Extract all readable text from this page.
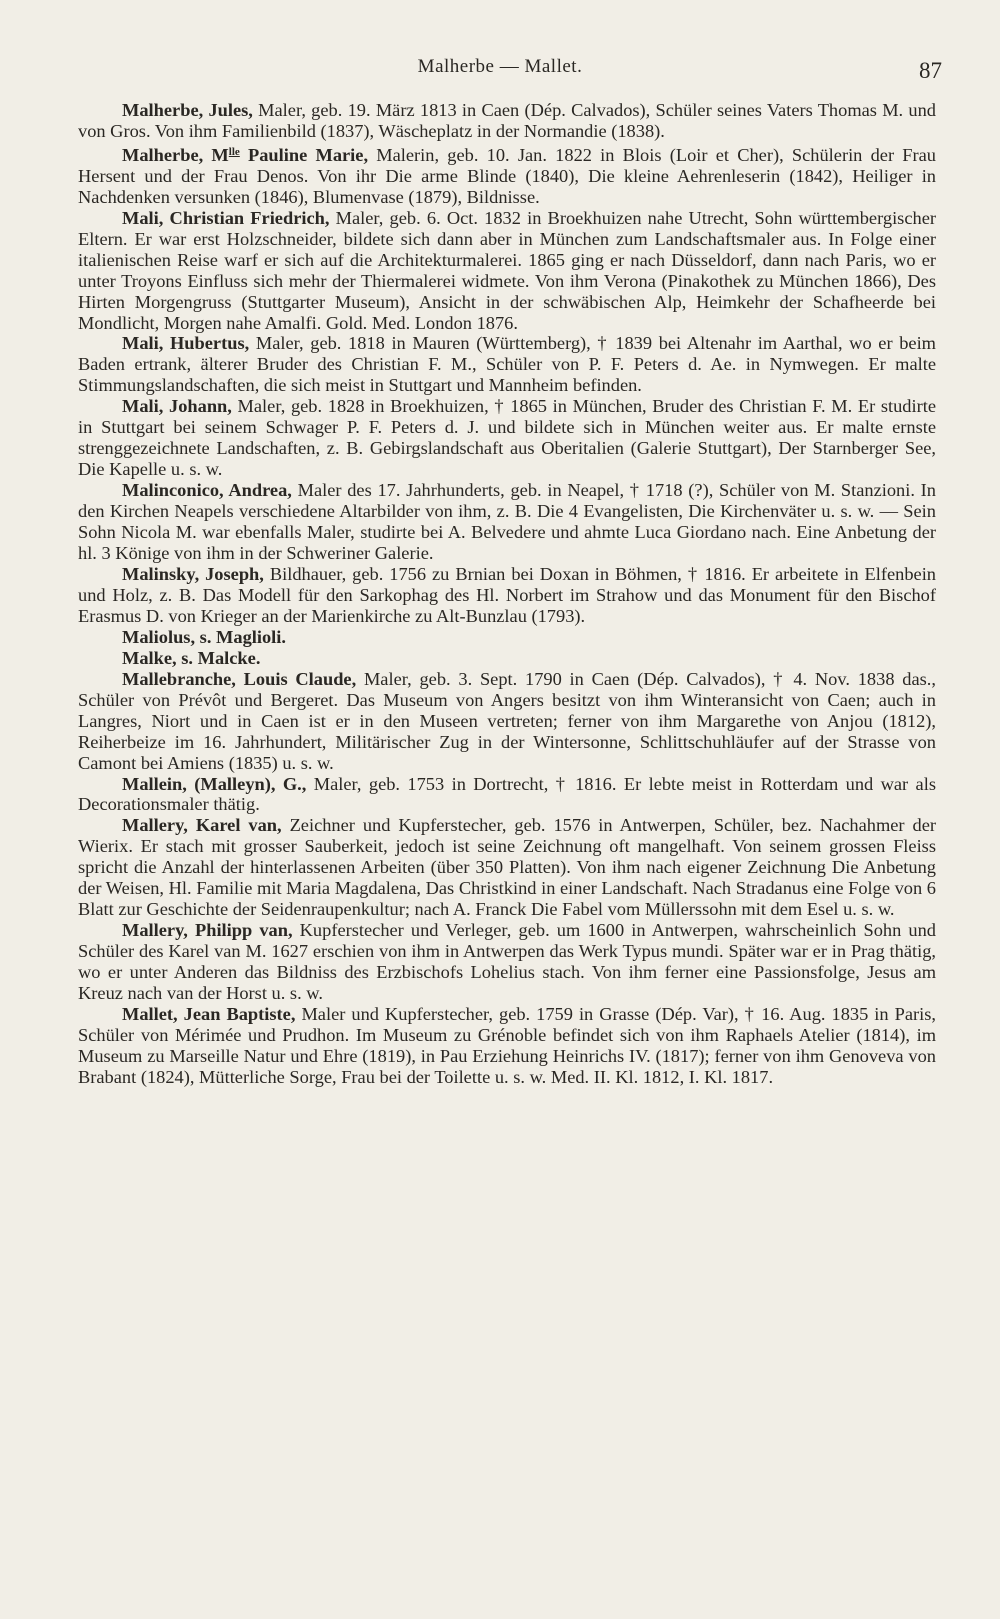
Malherbe — Mallet.	87

Malherbe, Jules, Maler, geb. 19. März 1813 in Caen (Dép. Calvados), Schüler seines Vaters Thomas M. und von Gros. Von ihm Familienbild (1837), Wäscheplatz in der Normandie (1838).

Malherbe, $M^{lle}$ Pauline Marie, Malerin, geb. 10. Jan. 1822 in Blois (Loir et Cher), Schülerin der Frau Hersent und der Frau Denos. Von ihr Die arme Blinde (1840), Die kleine Aehrenleserin (1842), Heiliger in Nachdenken versunken (1846), Blumenvase (1879), Bildnisse.

Mali, Christian Friedrich, Maler, geb. 6. Oct. 1832 in Broekhuizen nahe Utrecht, Sohn württembergischer Eltern. Er war erst Holzschneider, bildete sich dann aber in München zum Landschaftsmaler aus. In Folge einer italienischen Reise warf er sich auf die Architekturmalerei. 1865 ging er nach Düsseldorf, dann nach Paris, wo er unter Troyons Einfluss sich mehr der Thiermalerei widmete. Von ihm Verona (Pinakothek zu München 1866), Des Hirten Morgengruss (Stuttgarter Museum), Ansicht in der schwäbischen Alp, Heimkehr der Schafheerde bei Mondlicht, Morgen nahe Amalfi. Gold. Med. London 1876.

Mali, Hubertus, Maler, geb. 1818 in Mauren (Württemberg), † 1839 bei Altenahr im Aarthal, wo er beim Baden ertrank, älterer Bruder des Christian F. M., Schüler von P. F. Peters d. Ae. in Nymwegen. Er malte Stimmungslandschaften, die sich meist in Stuttgart und Mannheim befinden.

Mali, Johann, Maler, geb. 1828 in Broekhuizen, † 1865 in München, Bruder des Christian F. M. Er studirte in Stuttgart bei seinem Schwager P. F. Peters d. J. und bildete sich in München weiter aus. Er malte ernste strenggezeichnete Landschaften, z. B. Gebirgslandschaft aus Oberitalien (Galerie Stuttgart), Der Starnberger See, Die Kapelle u. s. w.

Malinconico, Andrea, Maler des 17. Jahrhunderts, geb. in Neapel, † 1718 (?), Schüler von M. Stanzioni. In den Kirchen Neapels verschiedene Altarbilder von ihm, z. B. Die 4 Evangelisten, Die Kirchenväter u. s. w. — Sein Sohn Nicola M. war ebenfalls Maler, studirte bei A. Belvedere und ahmte Luca Giordano nach. Eine Anbetung der hl. 3 Könige von ihm in der Schweriner Galerie.

Malinsky, Joseph, Bildhauer, geb. 1756 zu Brnian bei Doxan in Böhmen, † 1816. Er arbeitete in Elfenbein und Holz, z. B. Das Modell für den Sarkophag des Hl. Norbert im Strahow und das Monument für den Bischof Erasmus D. von Krieger an der Marienkirche zu Alt-Bunzlau (1793).

Maliolus, s. Maglioli.

Malke, s. Malcke.

Mallebranche, Louis Claude, Maler, geb. 3. Sept. 1790 in Caen (Dép. Calvados), † 4. Nov. 1838 das., Schüler von Prévôt und Bergeret. Das Museum von Angers besitzt von ihm Winteransicht von Caen; auch in Langres, Niort und in Caen ist er in den Museen vertreten; ferner von ihm Margarethe von Anjou (1812), Reiherbeize im 16. Jahrhundert, Militärischer Zug in der Wintersonne, Schlittschuhläufer auf der Strasse von Camont bei Amiens (1835) u. s. w.

Mallein, (Malleyn), G., Maler, geb. 1753 in Dortrecht, † 1816. Er lebte meist in Rotterdam und war als Decorationsmaler thätig.

Mallery, Karel van, Zeichner und Kupferstecher, geb. 1576 in Antwerpen, Schüler, bez. Nachahmer der Wierix. Er stach mit grosser Sauberkeit, jedoch ist seine Zeichnung oft mangelhaft. Von seinem grossen Fleiss spricht die Anzahl der hinterlassenen Arbeiten (über 350 Platten). Von ihm nach eigener Zeichnung Die Anbetung der Weisen, Hl. Familie mit Maria Magdalena, Das Christkind in einer Landschaft. Nach Stradanus eine Folge von 6 Blatt zur Geschichte der Seidenraupenkultur; nach A. Franck Die Fabel vom Müllerssohn mit dem Esel u. s. w.

Mallery, Philipp van, Kupferstecher und Verleger, geb. um 1600 in Antwerpen, wahrscheinlich Sohn und Schüler des Karel van M. 1627 erschien von ihm in Antwerpen das Werk Typus mundi. Später war er in Prag thätig, wo er unter Anderen das Bildniss des Erzbischofs Lohelius stach. Von ihm ferner eine Passionsfolge, Jesus am Kreuz nach van der Horst u. s. w.

Mallet, Jean Baptiste, Maler und Kupferstecher, geb. 1759 in Grasse (Dép. Var), † 16. Aug. 1835 in Paris, Schüler von Mérimée und Prudhon. Im Museum zu Grénoble befindet sich von ihm Raphaels Atelier (1814), im Museum zu Marseille Natur und Ehre (1819), in Pau Erziehung Heinrichs IV. (1817); ferner von ihm Genoveva von Brabant (1824), Mütterliche Sorge, Frau bei der Toilette u. s. w. Med. II. Kl. 1812, I. Kl. 1817.
